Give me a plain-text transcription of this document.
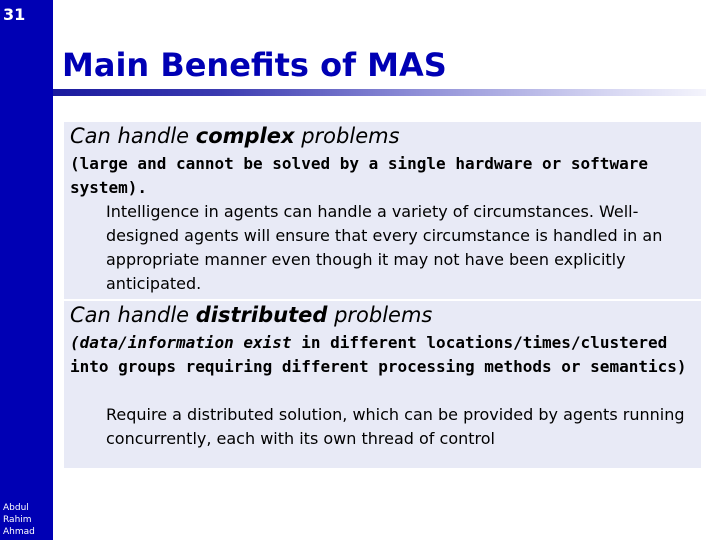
31
Abdul
Rahim
Ahmad
Main Benefits of MAS
Can handle complex problems

(large and cannot be solved by a single hardware or software system).

Intelligence in agents can handle a variety of circumstances. Well-designed agents will ensure that every circumstance is handled in an appropriate manner even though it may not have been explicitly anticipated.

Can handle distributed problems

(data/information exist in different locations/times/clustered into groups requiring different processing methods or semantics)

Require a distributed solution, which can be provided by agents running concurrently, each with its own thread of control
